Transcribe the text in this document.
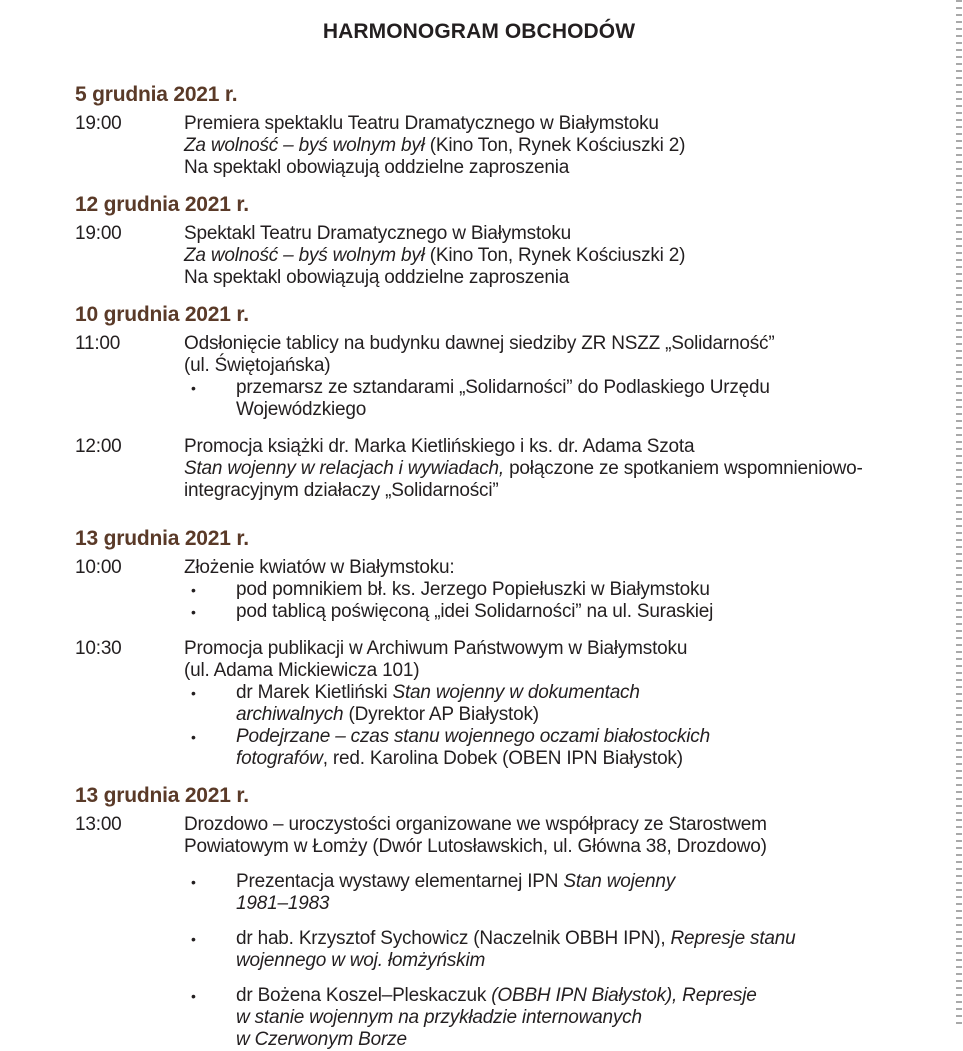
HARMONOGRAM OBCHODÓW
5 grudnia 2021 r.
19:00	Premiera spektaklu Teatru Dramatycznego w Białymstoku
Za wolność – byś wolnym był (Kino Ton, Rynek Kościuszki 2)
Na spektakl obowiązują oddzielne zaproszenia
12 grudnia 2021 r.
19:00	Spektakl Teatru Dramatycznego w Białymstoku
Za wolność – byś wolnym był (Kino Ton, Rynek Kościuszki 2)
Na spektakl obowiązują oddzielne zaproszenia
10 grudnia 2021 r.
11:00	Odsłonięcie tablicy na budynku dawnej siedziby ZR NSZZ „Solidarność”
(ul. Świętojańska)
• przemarsz ze sztandarami „Solidarności” do Podlaskiego Urzędu
Wojewódzkiego
12:00	Promocja książki dr. Marka Kietlińskiego i ks. dr. Adama Szota
Stan wojenny w relacjach i wywiadach, połączone ze spotkaniem wspomnieniowo-
integracyjnym działaczy „Solidarności”
13 grudnia 2021 r.
10:00	Złożenie kwiatów w Białymstoku:
• pod pomnikiem bł. ks. Jerzego Popiełuszki w Białymstoku
• pod tablicą poświęconą „idei Solidarności” na ul. Suraskiej
10:30	Promocja publikacji w Archiwum Państwowym w Białymstoku
(ul. Adama Mickiewicza 101)
• dr Marek Kietliński Stan wojenny w dokumentach
archiwalnych (Dyrektor AP Białystok)
• Podejrzane – czas stanu wojennego oczami białostockich
fotografów, red. Karolina Dobek (OBEN IPN Białystok)
13 grudnia 2021 r.
13:00	Drozdowo – uroczystości organizowane we współpracy ze Starostwem
Powiatowym w Łomży (Dwór Lutosławskich, ul. Główna 38, Drozdowo)
• Prezentacja wystawy elementarnej IPN Stan wojenny
1981–1983
• dr hab. Krzysztof Sychowicz (Naczelnik OBBH IPN), Represje stanu
wojennego w woj. łomżyńskim
• dr Bożena Koszel–Pleskaczuk (OBBH IPN Białystok), Represje
w stanie wojennym na przykładzie internowanych
w Czerwonym Borze
